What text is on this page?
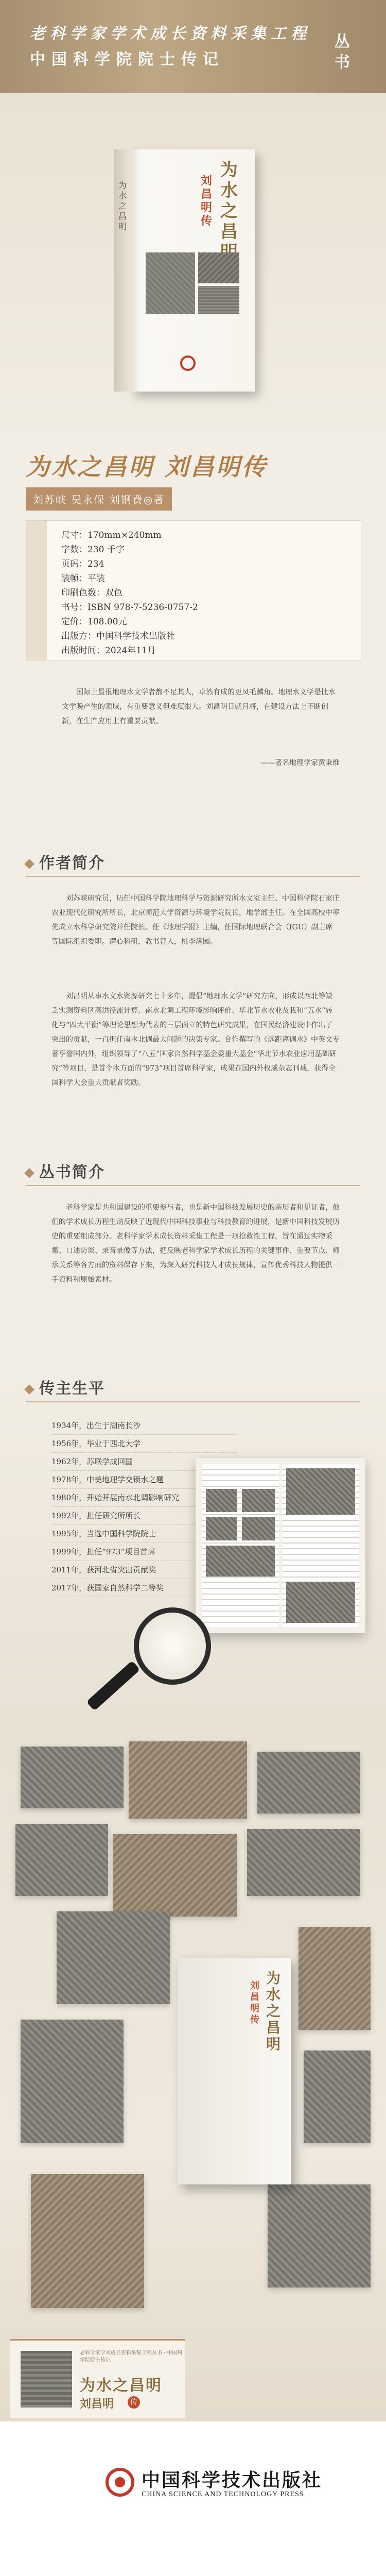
老科学家学术成长资料采集工程
中国科学院院士传记
丛
书
为水之昌明
为
水
之
昌
刘
昌
明
传
为水之昌明 刘昌明传
刘苏峡 吴永保 刘钢费◎著
尺寸：170mm×240mm
字数：230 千字
页码：234
装帧：平装
印刷色数：双色
书号：ISBN 978-7-5236-0757-2
定价：108.00元
出版方：中国科学技术出版社
出版时间：2024年11月
国际上最很地理水文学者都不足其人，卓然有成的更凤毛麟角。地理水文学是比水文学晚产生的领域，有重要意义但难度很大。刘昌明日就月将，在建设方法上不断创新，在生产应用上有重要贡献。
——著名地理学家黄秉维
作者简介
刘苏峡研究员，历任中国科学院地理科学与资源研究所水文室主任、中国科学院石家庄农业现代化研究所所长，北京师范大学资源与环境学院院长，地学部主任。在全国高校中率先成立水科学研究院并任院长。任《地理学报》主编，任国际地理联合会（IGU）副主席等国际组织委职。潜心科研，教书育人，桃李满园。
刘昌明从事水文水资源研究七十多年，提倡“地理水文学”研究方向，形成以西北等缺乏实测资料区高洪径流计算、南水北调工程环境影响评价、华北节水农业及我和“五水”转化与“四大平衡”等理论思想为代表的三层面立的特色研究成果，在国民经济建设中作出了突出的贡献，一直担任南水北调最大问题的决策专家。合作撰写的《远距离调水》中英文专著享誉国内外，组织领导了“八五”国家自然科学基金委重大基金“华北节水农业应用基础研究”等项目，是首个水方面的“973”项目首席科学家，成果在国内外权威杂志刊载，获得全国科学大会重大贡献者奖励。
丛书简介
老科学家是共和国建设的重要参与者，也是新中国科技发展历史的亲历者和见证者，他们的学术成长历程生动反映了近现代中国科技事业与科技教育的进展，是新中国科技发展历史的重要组成部分。老科学家学术成长资料采集工程是一项抢救性工程，旨在通过实物采集、口述访谈、录音录像等方法，把反映老科学家学术成长历程的关键事件、重要节点、师承关系等各方面的资料保存下来，为深入研究科技人才成长规律，宣传优秀科技人物提供一手资料和原始素材。
传主生平
1934年，出生于湖南长沙
1956年，毕业于西北大学
1962年，苏联学成回国
1978年，中美地理学交锁水之题
1980年，开始开展南水北调影响研究
1992年，担任研究所所长
1995年，当选中国科学院院士
1999年，担任“973”项目首席
2011年，获河北省突出贡献奖
2017年，获国家自然科学二等奖
为
水
之
昌
明
刘
昌
明
传
老科学家学术成长资料采集工程丛书 · 中国科学院院士传记
为水之昌明
刘昌明	传
中国科学技术出版社
CHINA SCIENCE AND TECHNOLOGY PRESS
